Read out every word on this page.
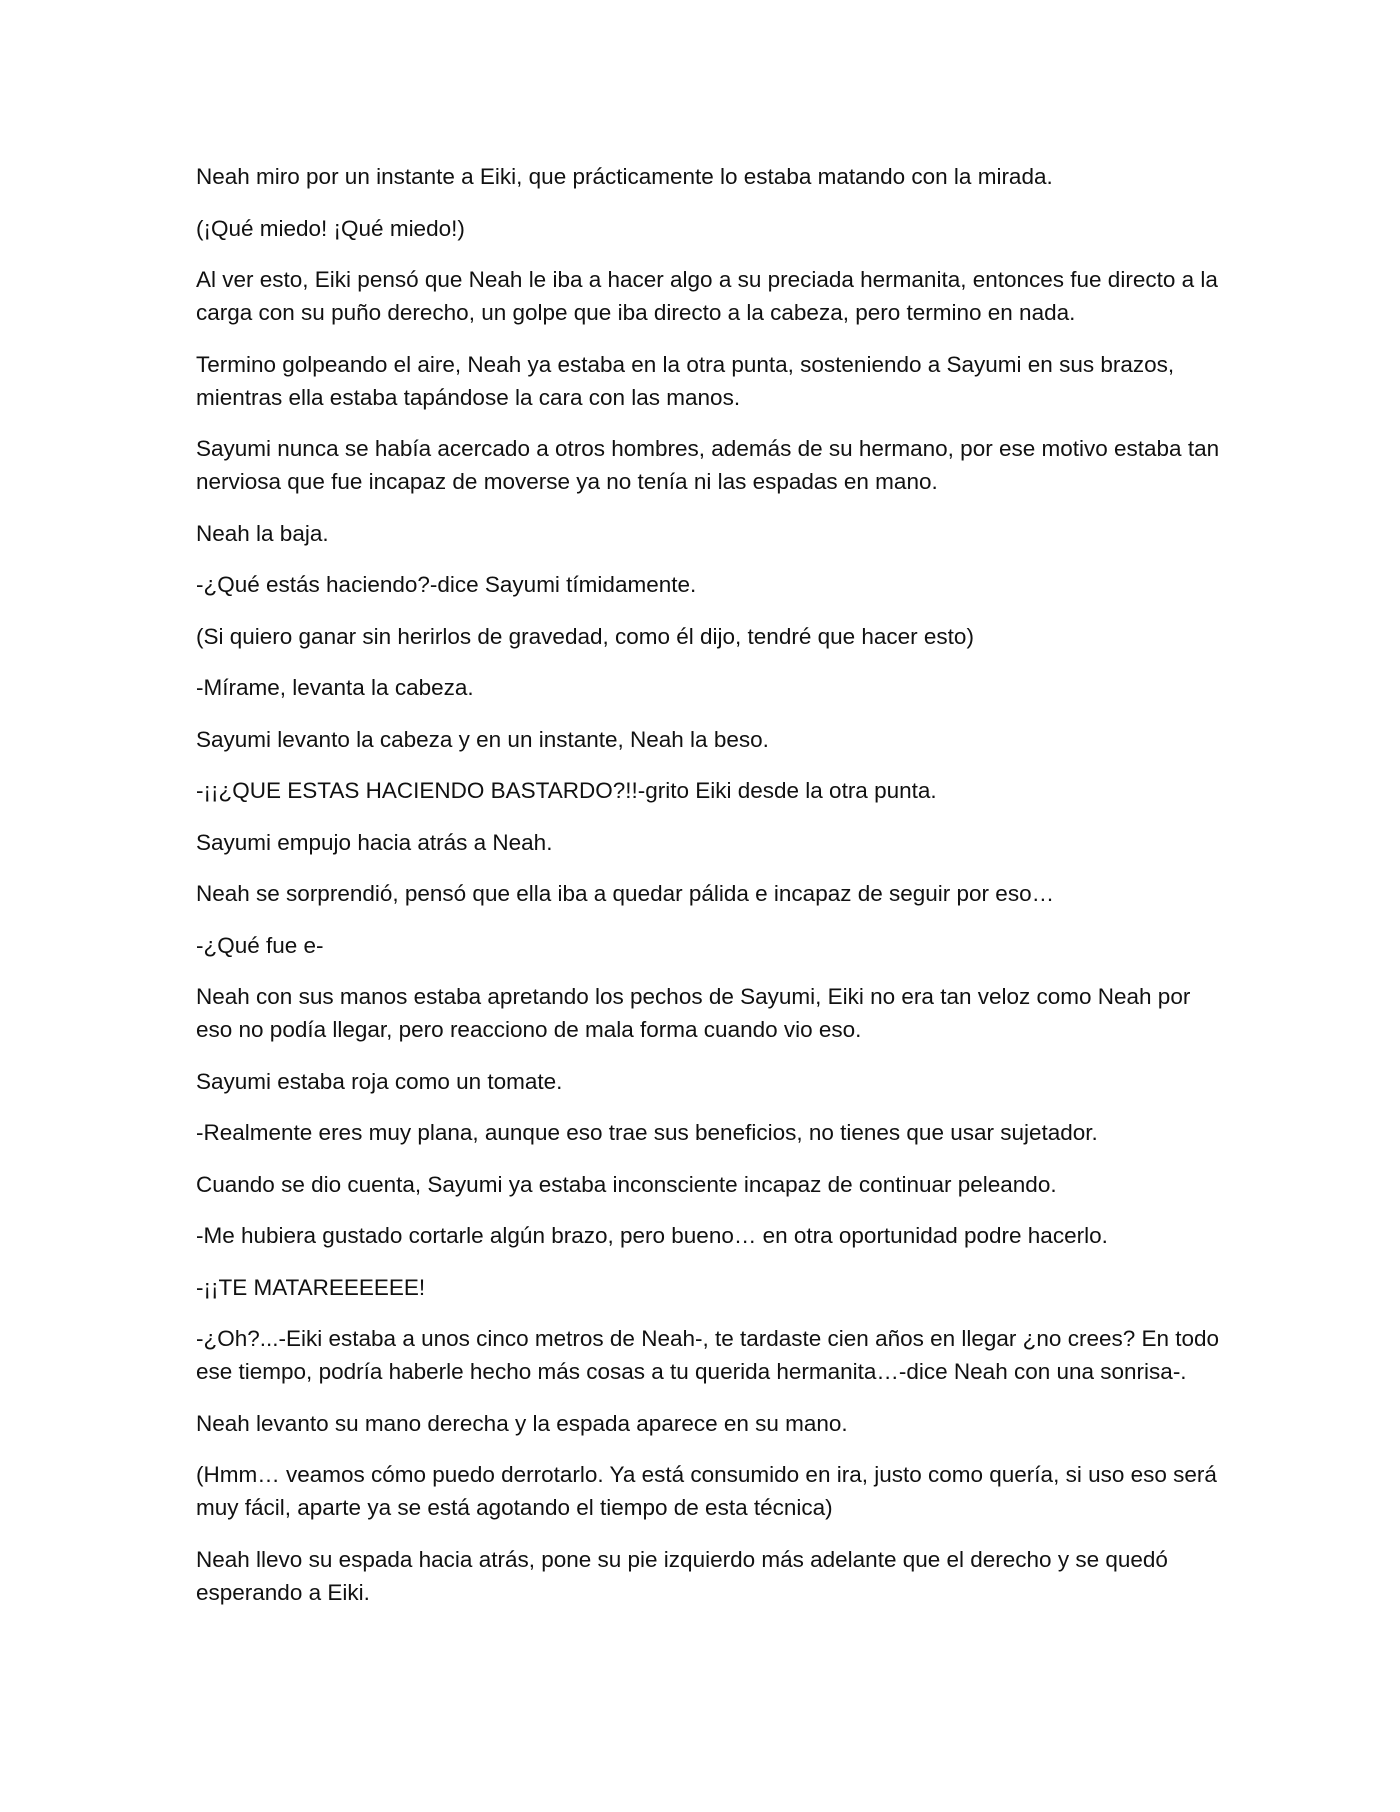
Neah miro por un instante a Eiki, que prácticamente lo estaba matando con la mirada.

(¡Qué miedo! ¡Qué miedo!)

Al ver esto, Eiki pensó que Neah le iba a hacer algo a su preciada hermanita, entonces fue directo a la carga con su puño derecho, un golpe que iba directo a la cabeza, pero termino en nada.

Termino golpeando el aire, Neah ya estaba en la otra punta, sosteniendo a Sayumi en sus brazos, mientras ella estaba tapándose la cara con las manos.

Sayumi nunca se había acercado a otros hombres, además de su hermano, por ese motivo estaba tan nerviosa que fue incapaz de moverse ya no tenía ni las espadas en mano.

Neah la baja.

-¿Qué estás haciendo?-dice Sayumi tímidamente.

(Si quiero ganar sin herirlos de gravedad, como él dijo, tendré que hacer esto)

-Mírame, levanta la cabeza.

Sayumi levanto la cabeza y en un instante, Neah la beso.

-¡¡¿QUE ESTAS HACIENDO BASTARDO?!!-grito Eiki desde la otra punta.

Sayumi empujo hacia atrás a Neah.

Neah se sorprendió, pensó que ella iba a quedar pálida e incapaz de seguir por eso…

-¿Qué fue e-

Neah con sus manos estaba apretando los pechos de Sayumi, Eiki no era tan veloz como Neah por eso no podía llegar, pero reacciono de mala forma cuando vio eso.

Sayumi estaba roja como un tomate.

-Realmente eres muy plana, aunque eso trae sus beneficios, no tienes que usar sujetador.

Cuando se dio cuenta, Sayumi ya estaba inconsciente incapaz de continuar peleando.

-Me hubiera gustado cortarle algún brazo, pero bueno… en otra oportunidad podre hacerlo.

-¡¡TE MATAREEEEEE!

-¿Oh?...-Eiki estaba a unos cinco metros de Neah-, te tardaste cien años en llegar ¿no crees? En todo ese tiempo, podría haberle hecho más cosas a tu querida hermanita…-dice Neah con una sonrisa-.

Neah levanto su mano derecha y la espada aparece en su mano.

(Hmm… veamos cómo puedo derrotarlo. Ya está consumido en ira, justo como quería, si uso eso será muy fácil, aparte ya se está agotando el tiempo de esta técnica)

Neah llevo su espada hacia atrás, pone su pie izquierdo más adelante que el derecho y se quedó esperando a Eiki.
